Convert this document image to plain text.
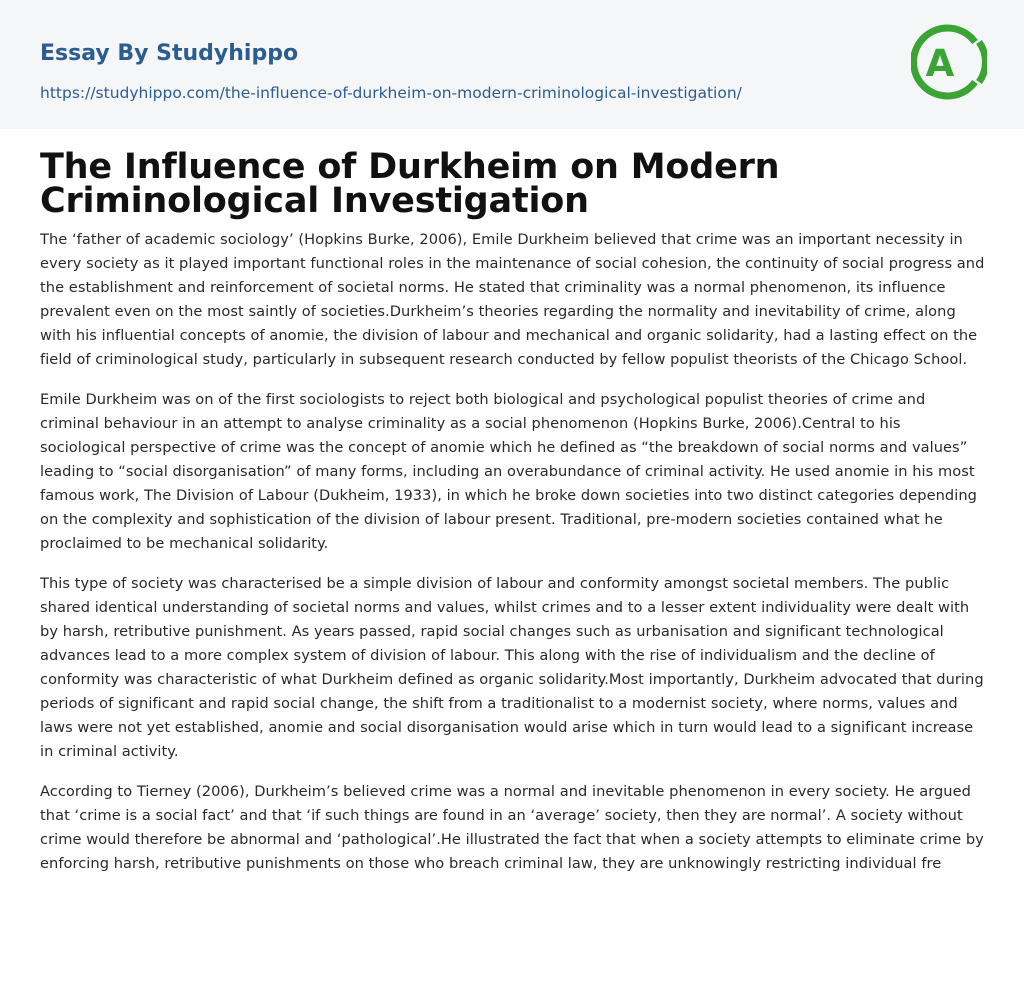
Essay By Studyhippo
https://studyhippo.com/the-influence-of-durkheim-on-modern-criminological-investigation/
A
The Influence of Durkheim on Modern Criminological Investigation

The ‘father of academic sociology’ (Hopkins Burke, 2006), Emile Durkheim believed that crime was an important necessity in every society as it played important functional roles in the maintenance of social cohesion, the continuity of social progress and the establishment and reinforcement of societal norms. He stated that criminality was a normal phenomenon, its influence prevalent even on the most saintly of societies.Durkheim’s theories regarding the normality and inevitability of crime, along with his influential concepts of anomie, the division of labour and mechanical and organic solidarity, had a lasting effect on the field of criminological study, particularly in subsequent research conducted by fellow populist theorists of the Chicago School.

Emile Durkheim was on of the first sociologists to reject both biological and psychological populist theories of crime and criminal behaviour in an attempt to analyse criminality as a social phenomenon (Hopkins Burke, 2006).Central to his sociological perspective of crime was the concept of anomie which he defined as “the breakdown of social norms and values” leading to “social disorganisation” of many forms, including an overabundance of criminal activity. He used anomie in his most famous work, The Division of Labour (Dukheim, 1933), in which he broke down societies into two distinct categories depending on the complexity and sophistication of the division of labour present. Traditional, pre-modern societies contained what he proclaimed to be mechanical solidarity.

This type of society was characterised be a simple division of labour and conformity amongst societal members. The public shared identical understanding of societal norms and values, whilst crimes and to a lesser extent individuality were dealt with by harsh, retributive punishment. As years passed, rapid social changes such as urbanisation and significant technological advances lead to a more complex system of division of labour. This along with the rise of individualism and the decline of conformity was characteristic of what Durkheim defined as organic solidarity.Most importantly, Durkheim advocated that during periods of significant and rapid social change, the shift from a traditionalist to a modernist society, where norms, values and laws were not yet established, anomie and social disorganisation would arise which in turn would lead to a significant increase in criminal activity.

According to Tierney (2006), Durkheim’s believed crime was a normal and inevitable phenomenon in every society. He argued that ‘crime is a social fact’ and that ‘if such things are found in an ‘average’ society, then they are normal’. A society without crime would therefore be abnormal and ‘pathological’.He illustrated the fact that when a society attempts to eliminate crime by enforcing harsh, retributive punishments on those who breach criminal law, they are unknowingly restricting individual fre
